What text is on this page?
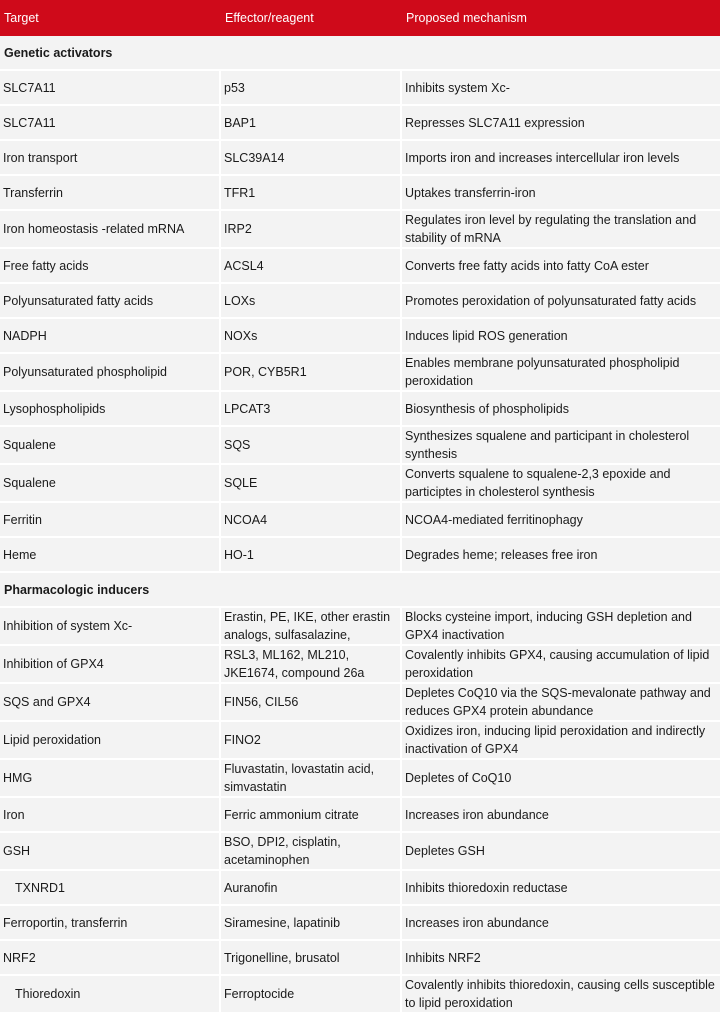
Target	Effector/reagent	Proposed mechanism
Genetic activators		
SLC7A11	p53	Inhibits system Xc-
SLC7A11	BAP1	Represses SLC7A11 expression
Iron transport	SLC39A14	Imports iron and increases intercellular iron levels
Transferrin	TFR1	Uptakes transferrin-iron
Iron homeostasis -related mRNA	IRP2	Regulates iron level by regulating the translation and stability of mRNA
Free fatty acids	ACSL4	Converts free fatty acids into fatty CoA ester
Polyunsaturated fatty acids	LOXs	Promotes peroxidation of polyunsaturated fatty acids
NADPH	NOXs	Induces lipid ROS generation
Polyunsaturated phospholipid	POR, CYB5R1	Enables membrane polyunsaturated phospholipid peroxidation
Lysophospholipids	LPCAT3	Biosynthesis of phospholipids
Squalene	SQS	Synthesizes squalene and participant in cholesterol synthesis
Squalene	SQLE	Converts squalene to squalene-2,3 epoxide and participtes in cholesterol synthesis
Ferritin	NCOA4	NCOA4-mediated ferritinophagy
Heme	HO-1	Degrades heme; releases free iron
Pharmacologic inducers		
Inhibition of system Xc-	Erastin, PE, IKE, other erastin analogs, sulfasalazine,	Blocks cysteine import, inducing GSH depletion and GPX4 inactivation
Inhibition of GPX4	RSL3, ML162, ML210, JKE1674, compound 26a	Covalently inhibits GPX4, causing accumulation of lipid peroxidation
SQS and GPX4	FIN56, CIL56	Depletes CoQ10 via the SQS-mevalonate pathway and reduces GPX4 protein abundance
Lipid peroxidation	FINO2	Oxidizes iron, inducing lipid peroxidation and indirectly inactivation of GPX4
HMG	Fluvastatin, lovastatin acid, simvastatin	Depletes of CoQ10
Iron	Ferric ammonium citrate	Increases iron abundance
GSH	BSO, DPI2, cisplatin, acetaminophen	Depletes GSH
TXNRD1	Auranofin	Inhibits thioredoxin reductase
Ferroportin, transferrin	Siramesine, lapatinib	Increases iron abundance
NRF2	Trigonelline, brusatol	Inhibits NRF2
Thioredoxin	Ferroptocide	Covalently inhibits thioredoxin, causing cells susceptible to lipid peroxidation
